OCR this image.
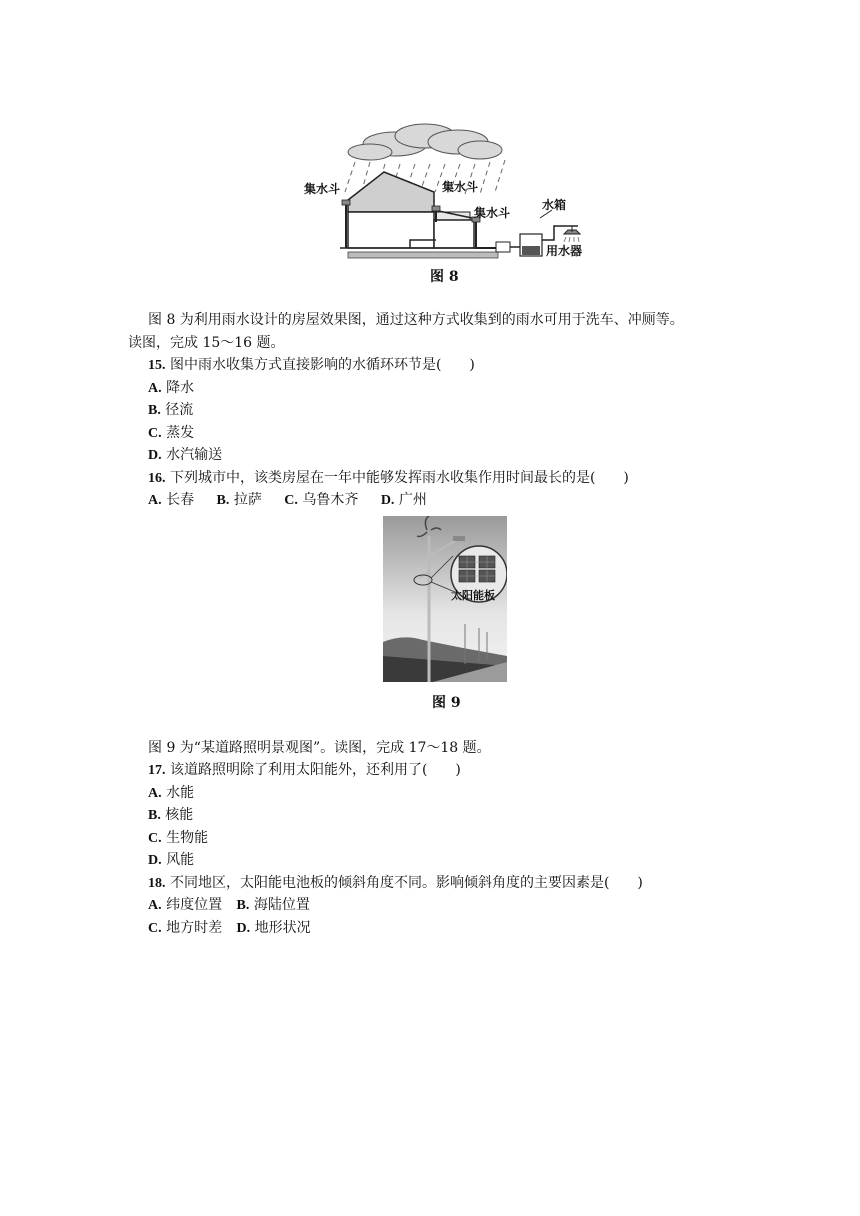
集水斗	集水斗
集水斗
水箱
用水器
图 8
图 8 为利用雨水设计的房屋效果图，通过这种方式收集到的雨水可用于洗车、冲厕等。
读图，完成 15～16 题。
15. 图中雨水收集方式直接影响的水循环环节是(　　)
A. 降水
B. 径流
C. 蒸发
D. 水汽输送
16. 下列城市中，该类房屋在一年中能够发挥雨水收集作用时间最长的是(　　)
A. 长春 B. 拉萨 C. 乌鲁木齐 D. 广州
太阳能板
图 9
图 9 为“某道路照明景观图”。读图，完成 17～18 题。
17. 该道路照明除了利用太阳能外，还利用了(　　)
A. 水能
B. 核能
C. 生物能
D. 风能
18. 不同地区，太阳能电池板的倾斜角度不同。影响倾斜角度的主要因素是(　　)
A. 纬度位置 B. 海陆位置
C. 地方时差 D. 地形状况
